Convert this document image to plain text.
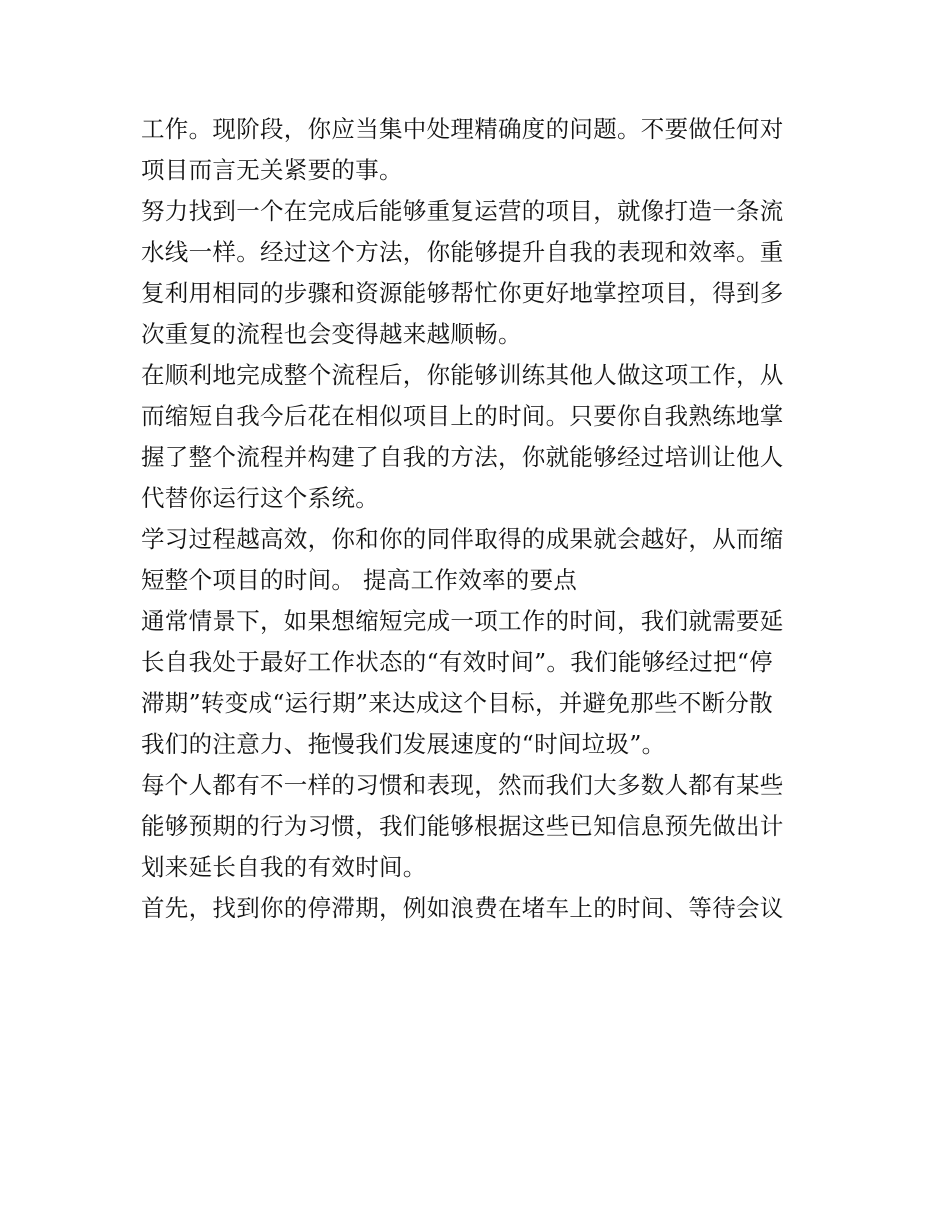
工作。现阶段，你应当集中处理精确度的问题。不要做任何对
项目而言无关紧要的事。

努力找到一个在完成后能够重复运营的项目，就像打造一条流
水线一样。经过这个方法，你能够提升自我的表现和效率。重
复利用相同的步骤和资源能够帮忙你更好地掌控项目，得到多
次重复的流程也会变得越来越顺畅。

在顺利地完成整个流程后，你能够训练其他人做这项工作，从
而缩短自我今后花在相似项目上的时间。只要你自我熟练地掌
握了整个流程并构建了自我的方法，你就能够经过培训让他人
代替你运行这个系统。

学习过程越高效，你和你的同伴取得的成果就会越好，从而缩
短整个项目的时间。 提高工作效率的要点

通常情景下，如果想缩短完成一项工作的时间，我们就需要延
长自我处于最好工作状态的“有效时间”。我们能够经过把“停
滞期”转变成“运行期”来达成这个目标，并避免那些不断分散
我们的注意力、拖慢我们发展速度的“时间垃圾”。

每个人都有不一样的习惯和表现，然而我们大多数人都有某些
能够预期的行为习惯，我们能够根据这些已知信息预先做出计
划来延长自我的有效时间。

首先，找到你的停滞期，例如浪费在堵车上的时间、等待会议
